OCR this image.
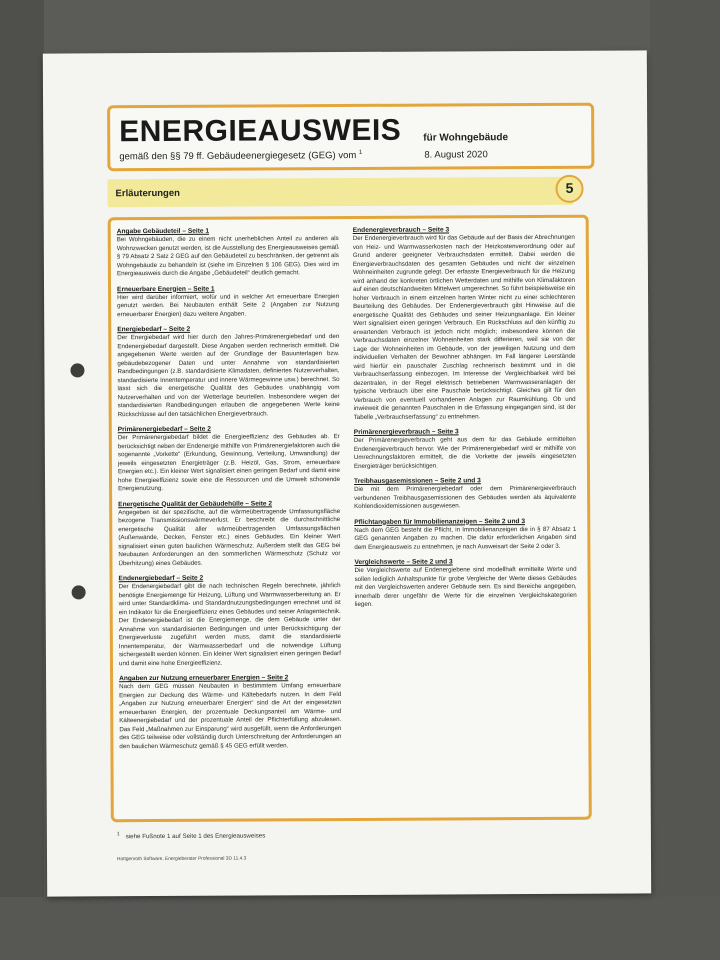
ENERGIEAUSWEIS für Wohngebäude
gemäß den §§ 79 ff. Gebäudeenergiegesetz (GEG) vom $^1$	8. August 2020
Erläuterungen	5
Angabe Gebäudeteil – Seite 1

Bei Wohngebäuden, die zu einem nicht unerheblichen Anteil zu anderen als Wohnzwecken genutzt werden, ist die Ausstellung des Energieausweises gemäß § 79 Absatz 2 Satz 2 GEG auf den Gebäudeteil zu beschränken, der getrennt als Wohngebäude zu behandeln ist (siehe im Einzelnen § 106 GEG). Dies wird im Energieausweis durch die Angabe „Gebäudeteil“ deutlich gemacht.

Erneuerbare Energien – Seite 1

Hier wird darüber informiert, wofür und in welcher Art erneuerbare Energien genutzt werden. Bei Neubauten enthält Seite 2 (Angaben zur Nutzung erneuerbarer Energien) dazu weitere Angaben.

Energiebedarf – Seite 2

Der Energiebedarf wird hier durch den Jahres-Primärenergiebedarf und den Endenergiebedarf dargestellt. Diese Angaben werden rechnerisch ermittelt. Die angegebenen Werte werden auf der Grundlage der Bauunterlagen bzw. gebäudebezogener Daten und unter Annahme von standardisierten Randbedingungen (z.B. standardisierte Klimadaten, definiertes Nutzerverhalten, standardisierte Innentemperatur und innere Wärmegewinne usw.) berechnet. So lässt sich die energetische Qualität des Gebäudes unabhängig vom Nutzerverhalten und von der Wetterlage beurteilen. Insbesondere wegen der standardisierten Randbedingungen erlauben die angegebenen Werte keine Rückschlüsse auf den tatsächlichen Energieverbrauch.

Primärenergiebedarf – Seite 2

Der Primärenergiebedarf bildet die Energieeffizienz des Gebäudes ab. Er berücksichtigt neben der Endenergie mithilfe von Primärenergiefaktoren auch die sogenannte „Vorkette“ (Erkundung, Gewinnung, Verteilung, Umwandlung) der jeweils eingesetzten Energieträger (z.B. Heizöl, Gas, Strom, erneuerbare Energien etc.). Ein kleiner Wert signalisiert einen geringen Bedarf und damit eine hohe Energieeffizienz sowie eine die Ressourcen und die Umwelt schonende Energienutzung.

Energetische Qualität der Gebäudehülle – Seite 2

Angegeben ist der spezifische, auf die wärmeübertragende Umfassungsfläche bezogene Transmissionswärmeverlust. Er beschreibt die durchschnittliche energetische Qualität aller wärmeübertragenden Umfassungsflächen (Außenwände, Decken, Fenster etc.) eines Gebäudes. Ein kleiner Wert signalisiert einen guten baulichen Wärmeschutz. Außerdem stellt das GEG bei Neubauten Anforderungen an den sommerlichen Wärmeschutz (Schutz vor Überhitzung) eines Gebäudes.

Endenergiebedarf – Seite 2

Der Endenergiebedarf gibt die nach technischen Regeln berechnete, jährlich benötigte Energiemenge für Heizung, Lüftung und Warmwasserbereitung an. Er wird unter Standardklima- und Standardnutzungsbedingungen errechnet und ist ein Indikator für die Energieeffizienz eines Gebäudes und seiner Anlagentechnik. Der Endenergiebedarf ist die Energiemenge, die dem Gebäude unter der Annahme von standardisierten Bedingungen und unter Berücksichtigung der Energieverluste zugeführt werden muss, damit die standardisierte Innentemperatur, der Warmwasserbedarf und die notwendige Lüftung sichergestellt werden können. Ein kleiner Wert signalisiert einen geringen Bedarf und damit eine hohe Energieeffizienz.

Angaben zur Nutzung erneuerbarer Energien – Seite 2

Nach dem GEG müssen Neubauten in bestimmtem Umfang erneuerbare Energien zur Deckung des Wärme- und Kältebedarfs nutzen. In dem Feld „Angaben zur Nutzung erneuerbarer Energien“ sind die Art der eingesetzten erneuerbaren Energien, der prozentuale Deckungsanteil am Wärme- und Kälteenergiebedarf und der prozentuale Anteil der Pflichterfüllung abzulesen. Das Feld „Maßnahmen zur Einsparung“ wird ausgefüllt, wenn die Anforderungen des GEG teilweise oder vollständig durch Unterschreitung der Anforderungen an den baulichen Wärmeschutz gemäß § 45 GEG erfüllt werden.

Endenergieverbrauch – Seite 3

Der Endenergieverbrauch wird für das Gebäude auf der Basis der Abrechnungen von Heiz- und Warmwasserkosten nach der Heizkostenverordnung oder auf Grund anderer geeigneter Verbrauchsdaten ermittelt. Dabei werden die Energieverbrauchsdaten des gesamten Gebäudes und nicht der einzelnen Wohneinheiten zugrunde gelegt. Der erfasste Energieverbrauch für die Heizung wird anhand der konkreten örtlichen Wetterdaten und mithilfe von Klimafaktoren auf einen deutschlandweiten Mittelwert umgerechnet. So führt beispielsweise ein hoher Verbrauch in einem einzelnen harten Winter nicht zu einer schlechteren Beurteilung des Gebäudes. Der Endenergieverbrauch gibt Hinweise auf die energetische Qualität des Gebäudes und seiner Heizungsanlage. Ein kleiner Wert signalisiert einen geringen Verbrauch. Ein Rückschluss auf den künftig zu erwartenden Verbrauch ist jedoch nicht möglich; insbesondere können die Verbrauchsdaten einzelner Wohneinheiten stark differieren, weil sie von der Lage der Wohneinheiten im Gebäude, von der jeweiligen Nutzung und dem individuellen Verhalten der Bewohner abhängen. Im Fall längerer Leerstände wird hierfür ein pauschaler Zuschlag rechnerisch bestimmt und in die Verbrauchserfassung einbezogen. Im Interesse der Vergleichbarkeit wird bei dezentralen, in der Regel elektrisch betriebenen Warmwasseranlagen der typische Verbrauch über eine Pauschale berücksichtigt. Gleiches gilt für den Verbrauch von eventuell vorhandenen Anlagen zur Raumkühlung. Ob und inwieweit die genannten Pauschalen in die Erfassung eingegangen sind, ist der Tabelle „Verbrauchserfassung“ zu entnehmen.

Primärenergieverbrauch – Seite 3

Der Primärenergieverbrauch geht aus dem für das Gebäude ermittelten Endenergieverbrauch hervor. Wie der Primärenergiebedarf wird er mithilfe von Umrechnungsfaktoren ermittelt, die die Vorkette der jeweils eingesetzten Energieträger berücksichtigen.

Treibhausgasemissionen – Seite 2 und 3

Die mit dem Primärenergiebedarf oder dem Primärenergieverbrauch verbundenen Treibhausgasemissionen des Gebäudes werden als äquivalente Kohlendioxidemissionen ausgewiesen.

Pflichtangaben für Immobilienanzeigen – Seite 2 und 3

Nach dem GEG besteht die Pflicht, in Immobilienanzeigen die in § 87 Absatz 1 GEG genannten Angaben zu machen. Die dafür erforderlichen Angaben sind dem Energieausweis zu entnehmen, je nach Ausweisart der Seite 2 oder 3.

Vergleichswerte – Seite 2 und 3

Die Vergleichswerte auf Endenergiebene sind modellhaft ermittelte Werte und sollen lediglich Anhaltspunkte für grobe Vergleiche der Werte dieses Gebäudes mit den Vergleichswerten anderer Gebäude sein. Es sind Bereiche angegeben, innerhalb derer ungefähr die Werte für die einzelnen Vergleichskategorien liegen.

$^1$ siehe Fußnote 1 auf Seite 1 des Energieausweises
Hottgenroth Software, Energieberater Professional 3D 11.4.3
